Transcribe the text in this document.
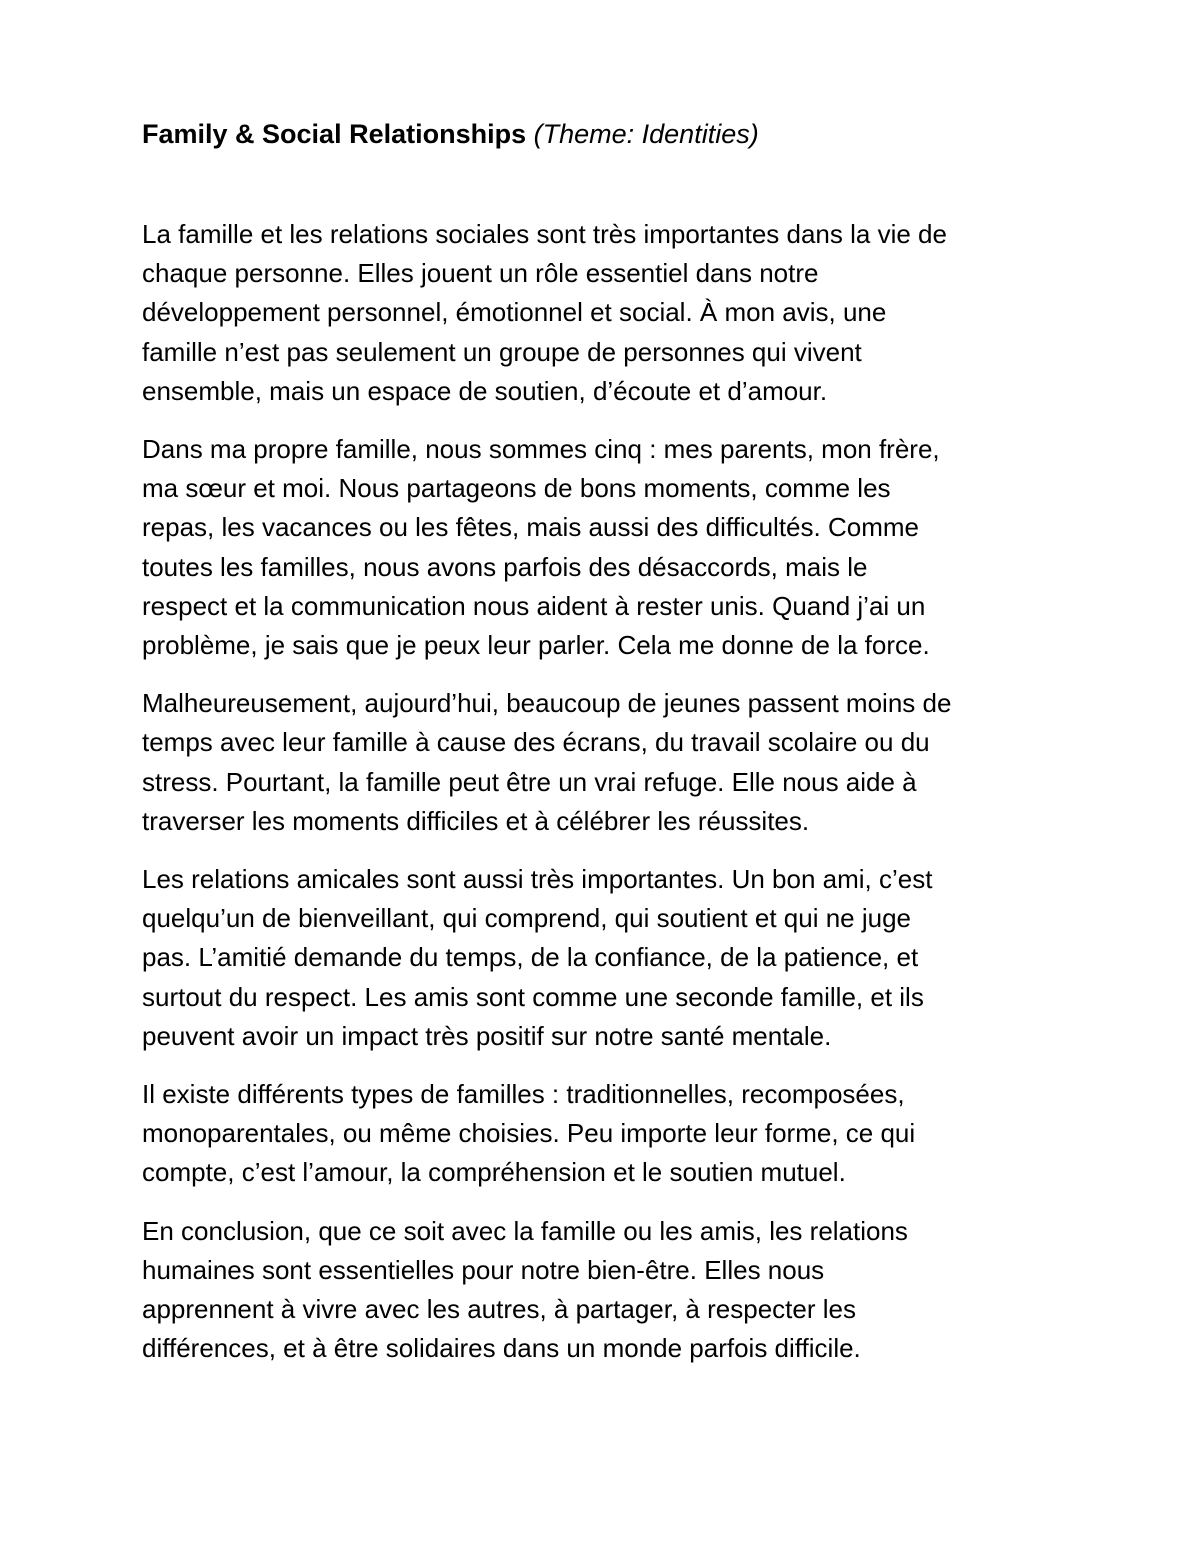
Family & Social Relationships (Theme: Identities)

La famille et les relations sociales sont très importantes dans la vie de
chaque personne. Elles jouent un rôle essentiel dans notre
développement personnel, émotionnel et social. À mon avis, une
famille n’est pas seulement un groupe de personnes qui vivent
ensemble, mais un espace de soutien, d’écoute et d’amour.

Dans ma propre famille, nous sommes cinq : mes parents, mon frère,
ma sœur et moi. Nous partageons de bons moments, comme les
repas, les vacances ou les fêtes, mais aussi des difficultés. Comme
toutes les familles, nous avons parfois des désaccords, mais le
respect et la communication nous aident à rester unis. Quand j’ai un
problème, je sais que je peux leur parler. Cela me donne de la force.

Malheureusement, aujourd’hui, beaucoup de jeunes passent moins de
temps avec leur famille à cause des écrans, du travail scolaire ou du
stress. Pourtant, la famille peut être un vrai refuge. Elle nous aide à
traverser les moments difficiles et à célébrer les réussites.

Les relations amicales sont aussi très importantes. Un bon ami, c’est
quelqu’un de bienveillant, qui comprend, qui soutient et qui ne juge
pas. L’amitié demande du temps, de la confiance, de la patience, et
surtout du respect. Les amis sont comme une seconde famille, et ils
peuvent avoir un impact très positif sur notre santé mentale.

Il existe différents types de familles : traditionnelles, recomposées,
monoparentales, ou même choisies. Peu importe leur forme, ce qui
compte, c’est l’amour, la compréhension et le soutien mutuel.

En conclusion, que ce soit avec la famille ou les amis, les relations
humaines sont essentielles pour notre bien-être. Elles nous
apprennent à vivre avec les autres, à partager, à respecter les
différences, et à être solidaires dans un monde parfois difficile.
